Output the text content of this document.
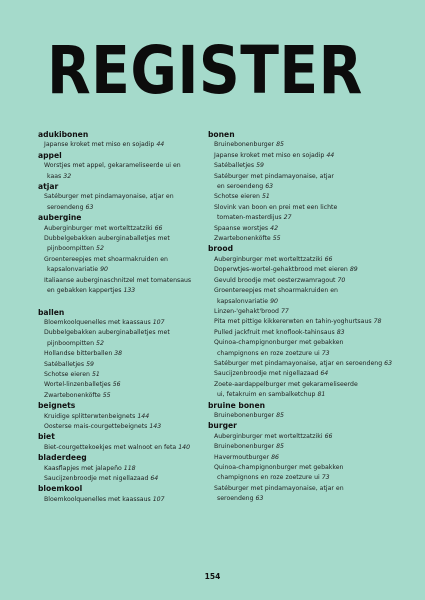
REGISTER
adukibonen
Japanse kroket met miso en sojadip 44
appel
Worstjes met appel, gekarameliseerde ui en
kaas 32
atjar
Satéburger met pindamayonaise, atjar en
seroendeng 63
aubergine
Auberginburger met wortelttzatziki 66
Dubbelgebakken auberginaballetjes met
pijnboompitten 52
Groentereepjes met shoarmakruiden en
kapsalonvariatie 90
Italiaanse auberginaschnitzel met tomatensaus
en gebakken kappertjes 133
ballen
Bloemkoolquenelles met kaassaus 107
Dubbelgebakken auberginaballetjes met
pijnboompitten 52
Hollandse bitterballen 38
Satéballetjes 59
Schotse eieren 51
Wortel-linzenballetjes 56
Zwartebonenköfte 55
beignets
Kruidige splitterwtenbeignets 144
Oosterse mais-courgettebeignets 143
biet
Biet-courgettekoekjes met walnoot en feta 140
bladerdeeg
Kaasflapjes met jalapeño 118
Saucijzenbroodje met nigellazaad 64
bloemkool
Bloemkoolquenelles met kaassaus 107
bonen
Bruinebonenburger 85
Japanse kroket met miso en sojadip 44
Satéballetjes 59
Satéburger met pindamayonaise, atjar
en seroendeng 63
Schotse eieren 51
Slovink van boon en prei met een lichte
tomaten-masterdijus 27
Spaanse worstjes 42
Zwartebonenköfte 55
brood
Auberginburger met wortelttzatziki 66
Doperwtjes-wortel-gehaktbrood met eieren 89
Gevuld broodje met oesterzwamragout 70
Groentereepjes met shoarmakruiden en
kapsalonvariatie 90
Linzen-'gehakt'brood 77
Pita met pittige kikkererwten en tahin-yoghurtsaus 78
Pulled jackfruit met knoflook-tahinsaus 83
Quinoa-champignonburger met gebakken
champignons en roze zoetzure ui 73
Satéburger met pindamayonaise, atjar en seroendeng 63
Saucijzenbroodje met nigellazaad 64
Zoete-aardappelburger met gekarameliseerde
ui, fetakruim en sambalketchup 81
bruine bonen
Bruinebonenburger 85
burger
Auberginburger met wortelttzatziki 66
Bruinebonenburger 85
Havermoutburger 86
Quinoa-champignonburger met gebakken
champignons en roze zoetzure ui 73
Satéburger met pindamayonaise, atjar en
seroendeng 63
154
